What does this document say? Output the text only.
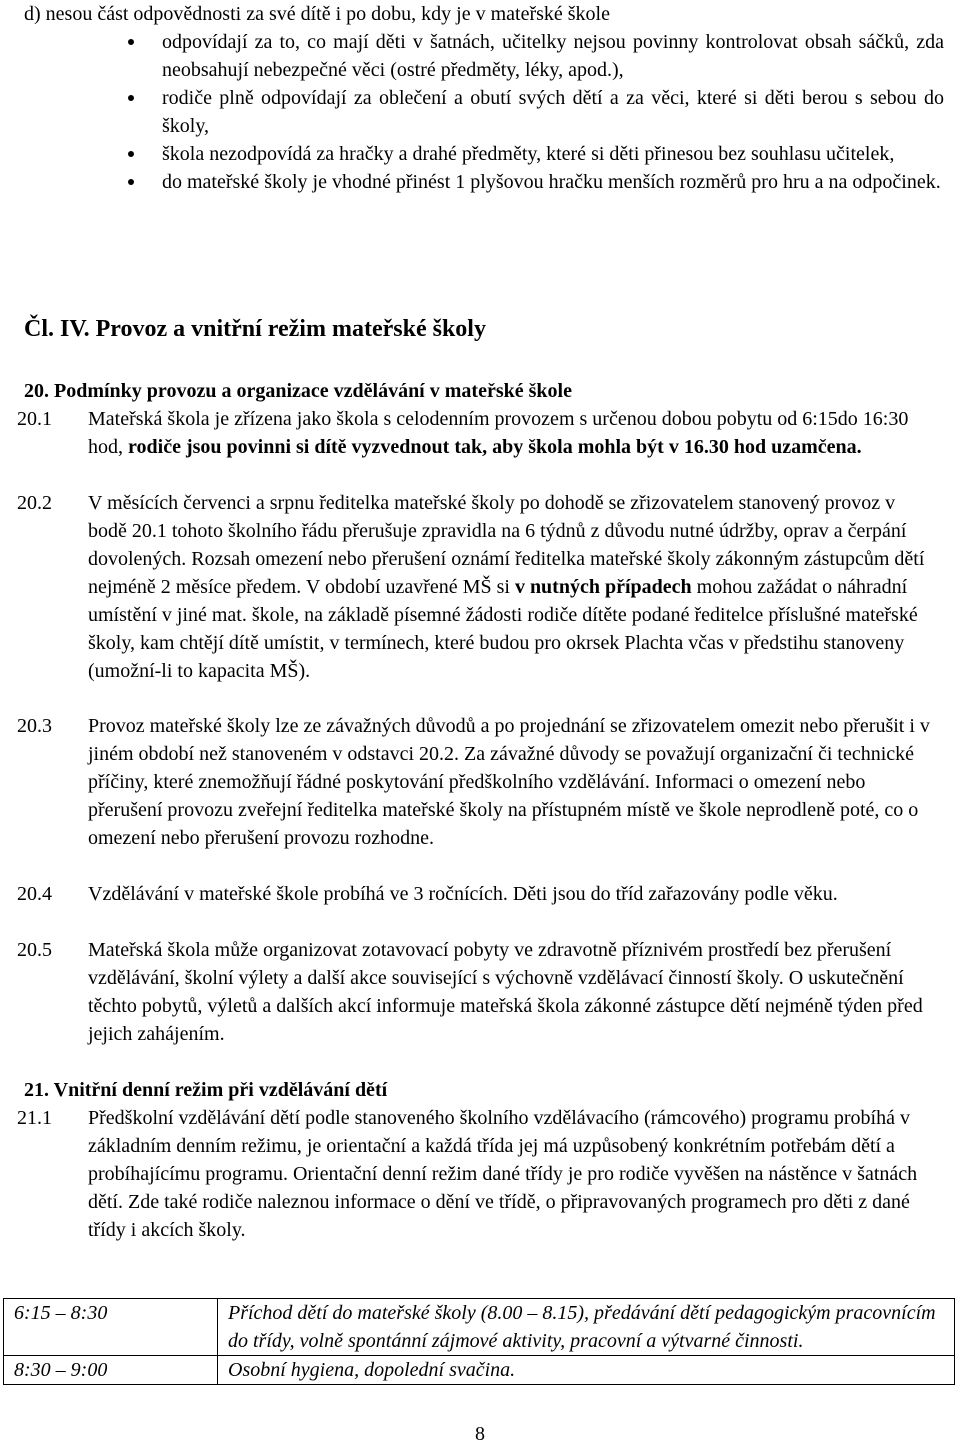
d) nesou část odpovědnosti za své dítě i po dobu, kdy je v mateřské škole
odpovídají za to, co mají děti v šatnách, učitelky nejsou povinny kontrolovat obsah sáčků, zda neobsahují nebezpečné věci (ostré předměty, léky, apod.),
rodiče plně odpovídají za oblečení a obutí svých dětí a za věci, které si děti berou s sebou do školy,
škola nezodpovídá za hračky a drahé předměty, které si děti přinesou bez souhlasu učitelek,
do mateřské školy je vhodné přinést 1 plyšovou hračku menších rozměrů pro hru a na odpočinek.
Čl. IV. Provoz a vnitřní režim mateřské školy
20. Podmínky provozu a organizace vzdělávání v mateřské škole
20.1	Mateřská škola je zřízena jako škola s celodenním provozem s určenou dobou pobytu od 6:15do 16:30 hod, rodiče jsou povinni si dítě vyzvednout tak, aby škola mohla být v 16.30 hod uzamčena.
20.2	V měsících červenci a srpnu ředitelka mateřské školy po dohodě se zřizovatelem stanovený provoz v bodě 20.1 tohoto školního řádu přerušuje zpravidla na 6 týdnů z důvodu nutné údržby, oprav a čerpání dovolených. Rozsah omezení nebo přerušení oznámí ředitelka mateřské školy zákonným zástupcům dětí nejméně 2 měsíce předem. V období uzavřené MŠ si v nutných případech mohou zažádat o náhradní umístění v jiné mat. škole, na základě písemné žádosti rodiče dítěte podané ředitelce příslušné mateřské školy, kam chtějí dítě umístit, v termínech, které budou pro okrsek Plachta včas v předstihu stanoveny (umožní-li to kapacita MŠ).
20.3	Provoz mateřské školy lze ze závažných důvodů a po projednání se zřizovatelem omezit nebo přerušit i v jiném období než stanoveném v odstavci 20.2. Za závažné důvody se považují organizační či technické příčiny, které znemožňují řádné poskytování předškolního vzdělávání. Informaci o omezení nebo přerušení provozu zveřejní ředitelka mateřské školy na přístupném místě ve škole neprodleně poté, co o omezení nebo přerušení provozu rozhodne.
20.4	Vzdělávání v mateřské škole probíhá ve 3 ročnících. Děti jsou do tříd zařazovány podle věku.
20.5	Mateřská škola může organizovat zotavovací pobyty ve zdravotně příznivém prostředí bez přerušení vzdělávání, školní výlety a další akce související s výchovně vzdělávací činností školy. O uskutečnění těchto pobytů, výletů a dalších akcí informuje mateřská škola zákonné zástupce dětí nejméně týden před jejich zahájením.
21. Vnitřní denní režim při vzdělávání dětí
21.1	Předškolní vzdělávání dětí podle stanoveného školního vzdělávacího (rámcového) programu probíhá v základním denním režimu, je orientační a každá třída jej má uzpůsobený konkrétním potřebám dětí a probíhajícímu programu. Orientační denní režim dané třídy je pro rodiče vyvěšen na nástěnce v šatnách dětí. Zde také rodiče naleznou informace o dění ve třídě, o připravovaných programech pro děti z dané třídy i akcích školy.
6:15 – 8:30	Příchod dětí do mateřské školy (8.00 – 8.15), předávání dětí pedagogickým pracovnícím do třídy, volně spontánní zájmové aktivity, pracovní a výtvarné činnosti.
8:30 – 9:00	Osobní hygiena, dopolední svačina.
8
